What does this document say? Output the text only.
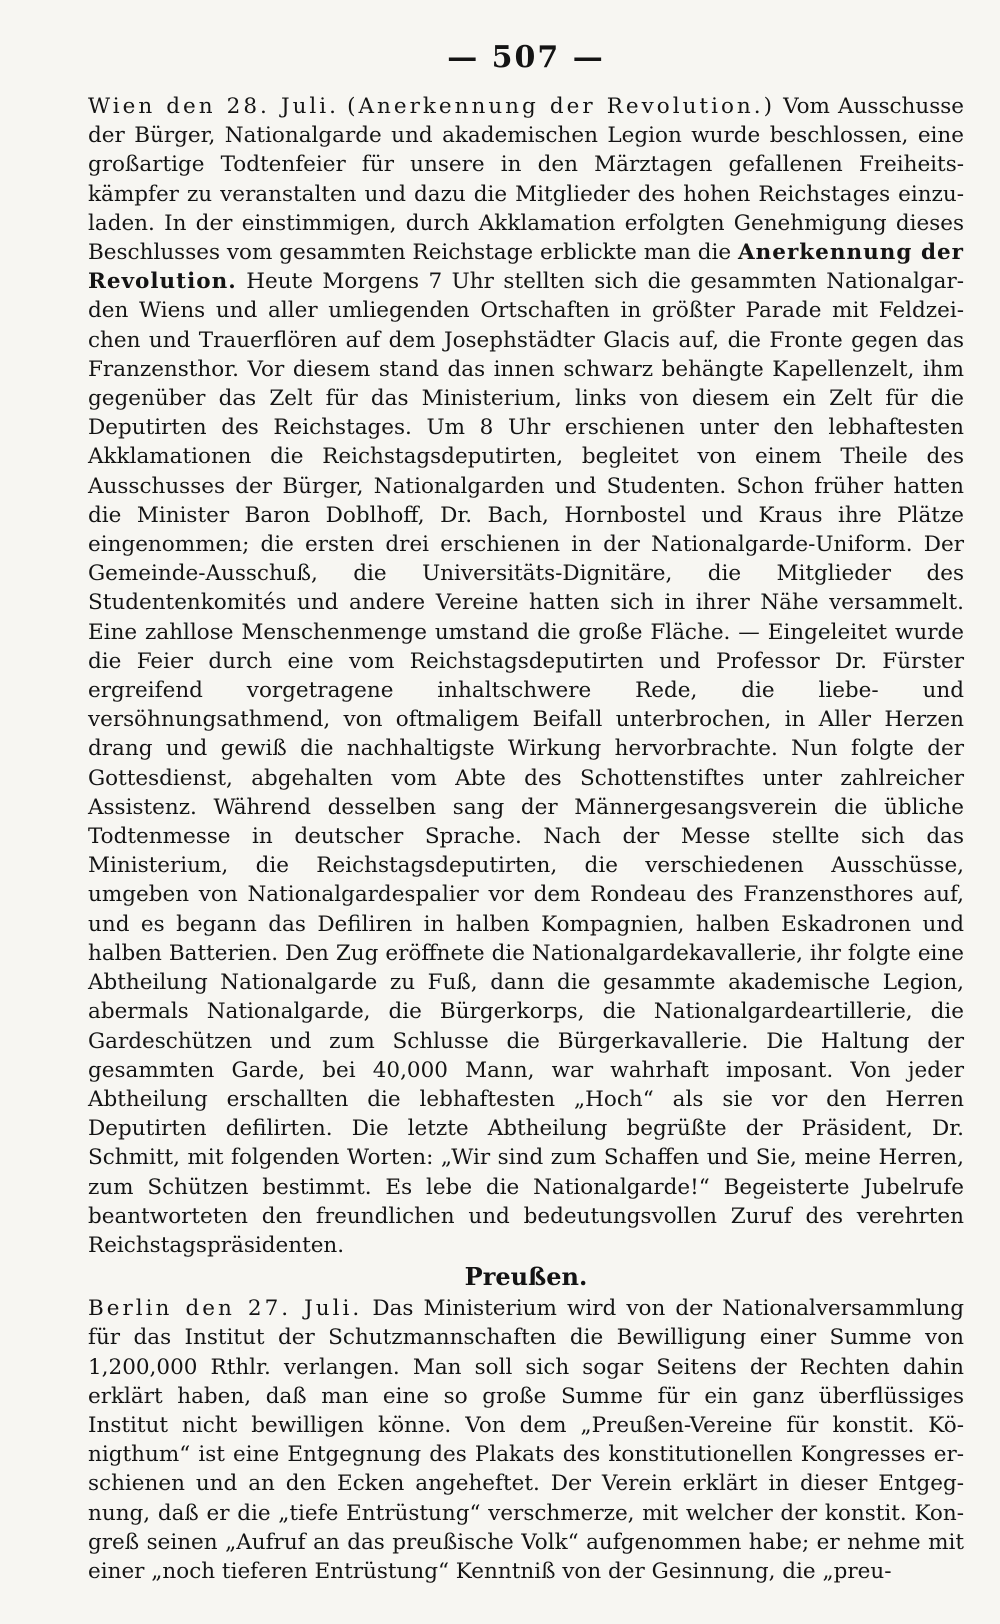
— 507 —

Wien den 28. Juli. (Anerkennung der Revolution.) Vom Ausschusse der Bürger, Nationalgarde und akademischen Legion wurde beschlossen, eine großartige Todtenfeier für unsere in den Märztagen gefallenen Freiheitskämpfer zu veranstalten und dazu die Mitglieder des hohen Reichstages einzuladen. In der einstimmigen, durch Akklamation erfolgten Genehmigung dieses Beschlusses vom gesammten Reichstage erblickte man die Anerkennung der Revolution. Heute Morgens 7 Uhr stellten sich die gesammten Nationalgarden Wiens und aller umliegenden Ortschaften in größter Parade mit Feldzeichen und Trauerflören auf dem Josephstädter Glacis auf, die Fronte gegen das Franzensthor. Vor diesem stand das innen schwarz behängte Kapellenzelt, ihm gegenüber das Zelt für das Ministerium, links von diesem ein Zelt für die Deputirten des Reichstages. Um 8 Uhr erschienen unter den lebhaftesten Akklamationen die Reichstagsdeputirten, begleitet von einem Theile des Ausschusses der Bürger, Nationalgarden und Studenten. Schon früher hatten die Minister Baron Doblhoff, Dr. Bach, Hornbostel und Kraus ihre Plätze eingenommen; die ersten drei erschienen in der Nationalgarde-Uniform. Der Gemeinde-Ausschuß, die Universitäts-Dignitäre, die Mitglieder des Studentenkomités und andere Vereine hatten sich in ihrer Nähe versammelt. Eine zahllose Menschenmenge umstand die große Fläche. — Eingeleitet wurde die Feier durch eine vom Reichstagsdeputirten und Professor Dr. Fürster ergreifend vorgetragene inhaltschwere Rede, die liebe- und versöhnungsathmend, von oftmaligem Beifall unterbrochen, in Aller Herzen drang und gewiß die nachhaltigste Wirkung hervorbrachte. Nun folgte der Gottesdienst, abgehalten vom Abte des Schottenstiftes unter zahlreicher Assistenz. Während desselben sang der Männergesangsverein die übliche Todtenmesse in deutscher Sprache. Nach der Messe stellte sich das Ministerium, die Reichstagsdeputirten, die verschiedenen Ausschüsse, umgeben von Nationalgardespalier vor dem Rondeau des Franzensthores auf, und es begann das Defiliren in halben Kompagnien, halben Eskadronen und halben Batterien. Den Zug eröffnete die Nationalgardekavallerie, ihr folgte eine Abtheilung Nationalgarde zu Fuß, dann die gesammte akademische Legion, abermals Nationalgarde, die Bürgerkorps, die Nationalgardeartillerie, die Gardeschützen und zum Schlusse die Bürgerkavallerie. Die Haltung der gesammten Garde, bei 40,000 Mann, war wahrhaft imposant. Von jeder Abtheilung erschallten die lebhaftesten „Hoch“ als sie vor den Herren Deputirten defilirten. Die letzte Abtheilung begrüßte der Präsident, Dr. Schmitt, mit folgenden Worten: „Wir sind zum Schaffen und Sie, meine Herren, zum Schützen bestimmt. Es lebe die Nationalgarde!“ Begeisterte Jubelrufe beantworteten den freundlichen und bedeutungsvollen Zuruf des verehrten Reichstagspräsidenten.

Preußen.

Berlin den 27. Juli. Das Ministerium wird von der Nationalversammlung für das Institut der Schutzmannschaften die Bewilligung einer Summe von 1,200,000 Rthlr. verlangen. Man soll sich sogar Seitens der Rechten dahin erklärt haben, daß man eine so große Summe für ein ganz überflüssiges Institut nicht bewilligen könne. Von dem „Preußen-Vereine für konstit. Königthum“ ist eine Entgegnung des Plakats des konstitutionellen Kongresses erschienen und an den Ecken angeheftet. Der Verein erklärt in dieser Entgegnung, daß er die „tiefe Entrüstung“ verschmerze, mit welcher der konstit. Kongreß seinen „Aufruf an das preußische Volk“ aufgenommen habe; er nehme mit einer „noch tieferen Entrüstung“ Kenntniß von der Gesinnung, die „preu-
